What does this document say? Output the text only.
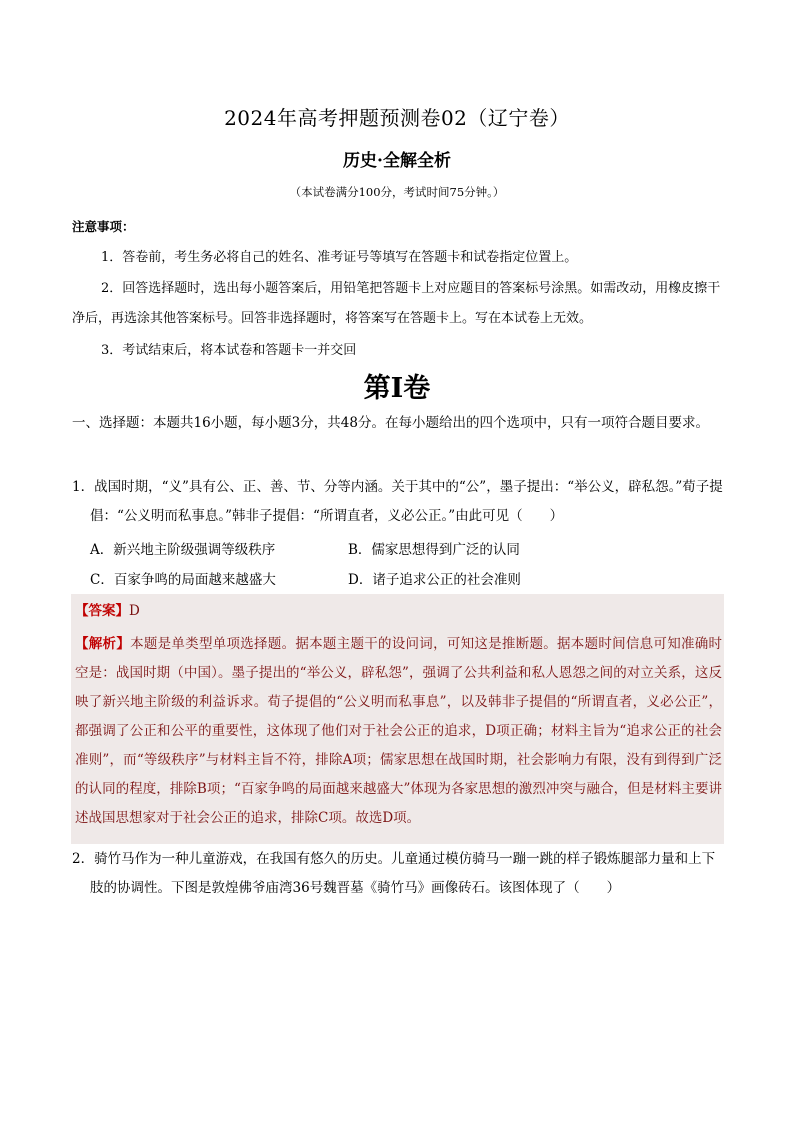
2024年高考押题预测卷02（辽宁卷）
历史·全解全析
（本试卷满分100分，考试时间75分钟。）
注意事项：
1．答卷前，考生务必将自己的姓名、准考证号等填写在答题卡和试卷指定位置上。
2．回答选择题时，选出每小题答案后，用铅笔把答题卡上对应题目的答案标号涂黑。如需改动，用橡皮擦干净后，再选涂其他答案标号。回答非选择题时，将答案写在答题卡上。写在本试卷上无效。
3．考试结束后，将本试卷和答题卡一并交回
第Ⅰ卷
一、选择题：本题共16小题，每小题3分，共48分。在每小题给出的四个选项中，只有一项符合题目要求。
1．战国时期，“义”具有公、正、善、节、分等内涵。关于其中的“公”，墨子提出：“举公义，辟私怨。”荀子提倡：“公义明而私事息。”韩非子提倡：“所谓直者，义必公正。”由此可见（　　）
A．新兴地主阶级强调等级秩序	B．儒家思想得到广泛的认同
C．百家争鸣的局面越来越盛大	D．诸子追求公正的社会准则
【答案】D
【解析】本题是单类型单项选择题。据本题主题干的设问词，可知这是推断题。据本题时间信息可知准确时空是：战国时期（中国）。墨子提出的“举公义，辟私怨”，强调了公共利益和私人恩怨之间的对立关系，这反映了新兴地主阶级的利益诉求。荀子提倡的“公义明而私事息”，以及韩非子提倡的“所谓直者，义必公正”，都强调了公正和公平的重要性，这体现了他们对于社会公正的追求，D项正确；材料主旨为“追求公正的社会准则”，而“等级秩序”与材料主旨不符，排除A项；儒家思想在战国时期，社会影响力有限，没有到得到广泛的认同的程度，排除B项；“百家争鸣的局面越来越盛大”体现为各家思想的激烈冲突与融合，但是材料主要讲述战国思想家对于社会公正的追求，排除C项。故选D项。
2．骑竹马作为一种儿童游戏，在我国有悠久的历史。儿童通过模仿骑马一蹦一跳的样子锻炼腿部力量和上下肢的协调性。下图是敦煌佛爷庙湾36号魏晋墓《骑竹马》画像砖石。该图体现了（　　）
